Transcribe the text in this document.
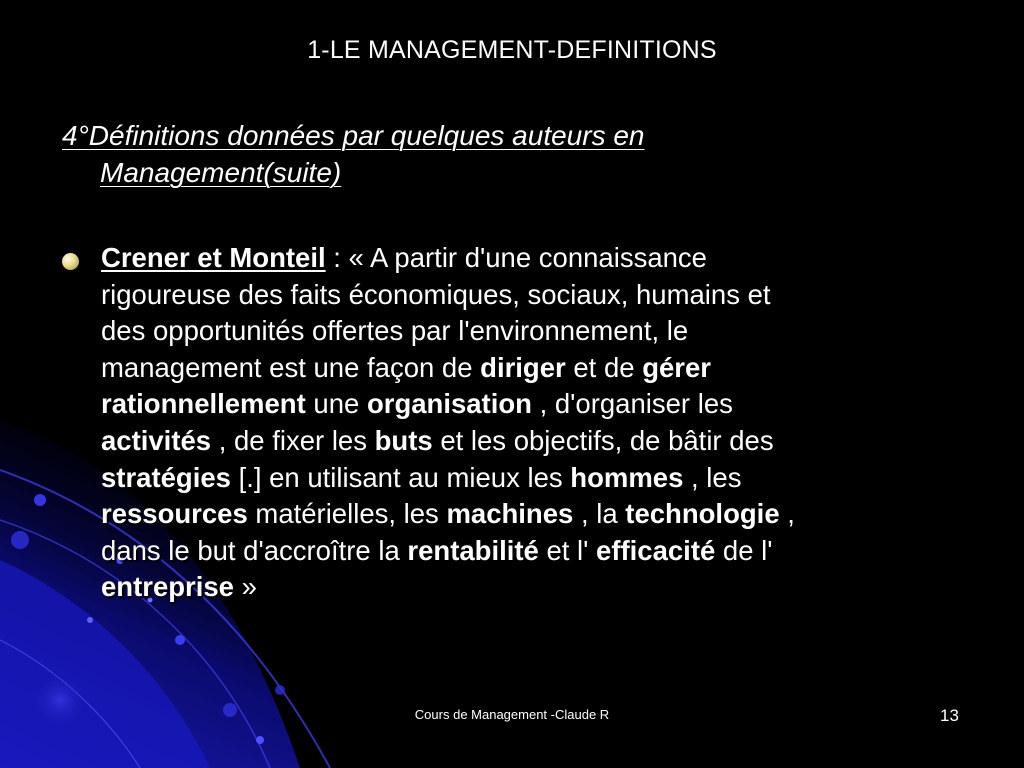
1-LE MANAGEMENT-DEFINITIONS
4°Définitions données par quelques auteurs en
Management(suite)
Crener et Monteil : « A partir d'une connaissance
rigoureuse des faits économiques, sociaux, humains et
des opportunités offertes par l'environnement, le
management est une façon de diriger et de gérer
rationnellement une organisation , d'organiser les
activités , de fixer les buts et les objectifs, de bâtir des
stratégies [.] en utilisant au mieux les hommes , les
ressources matérielles, les machines , la technologie ,
dans le but d'accroître la rentabilité et l' efficacité de l'
entreprise »
Cours de Management -Claude R	13
